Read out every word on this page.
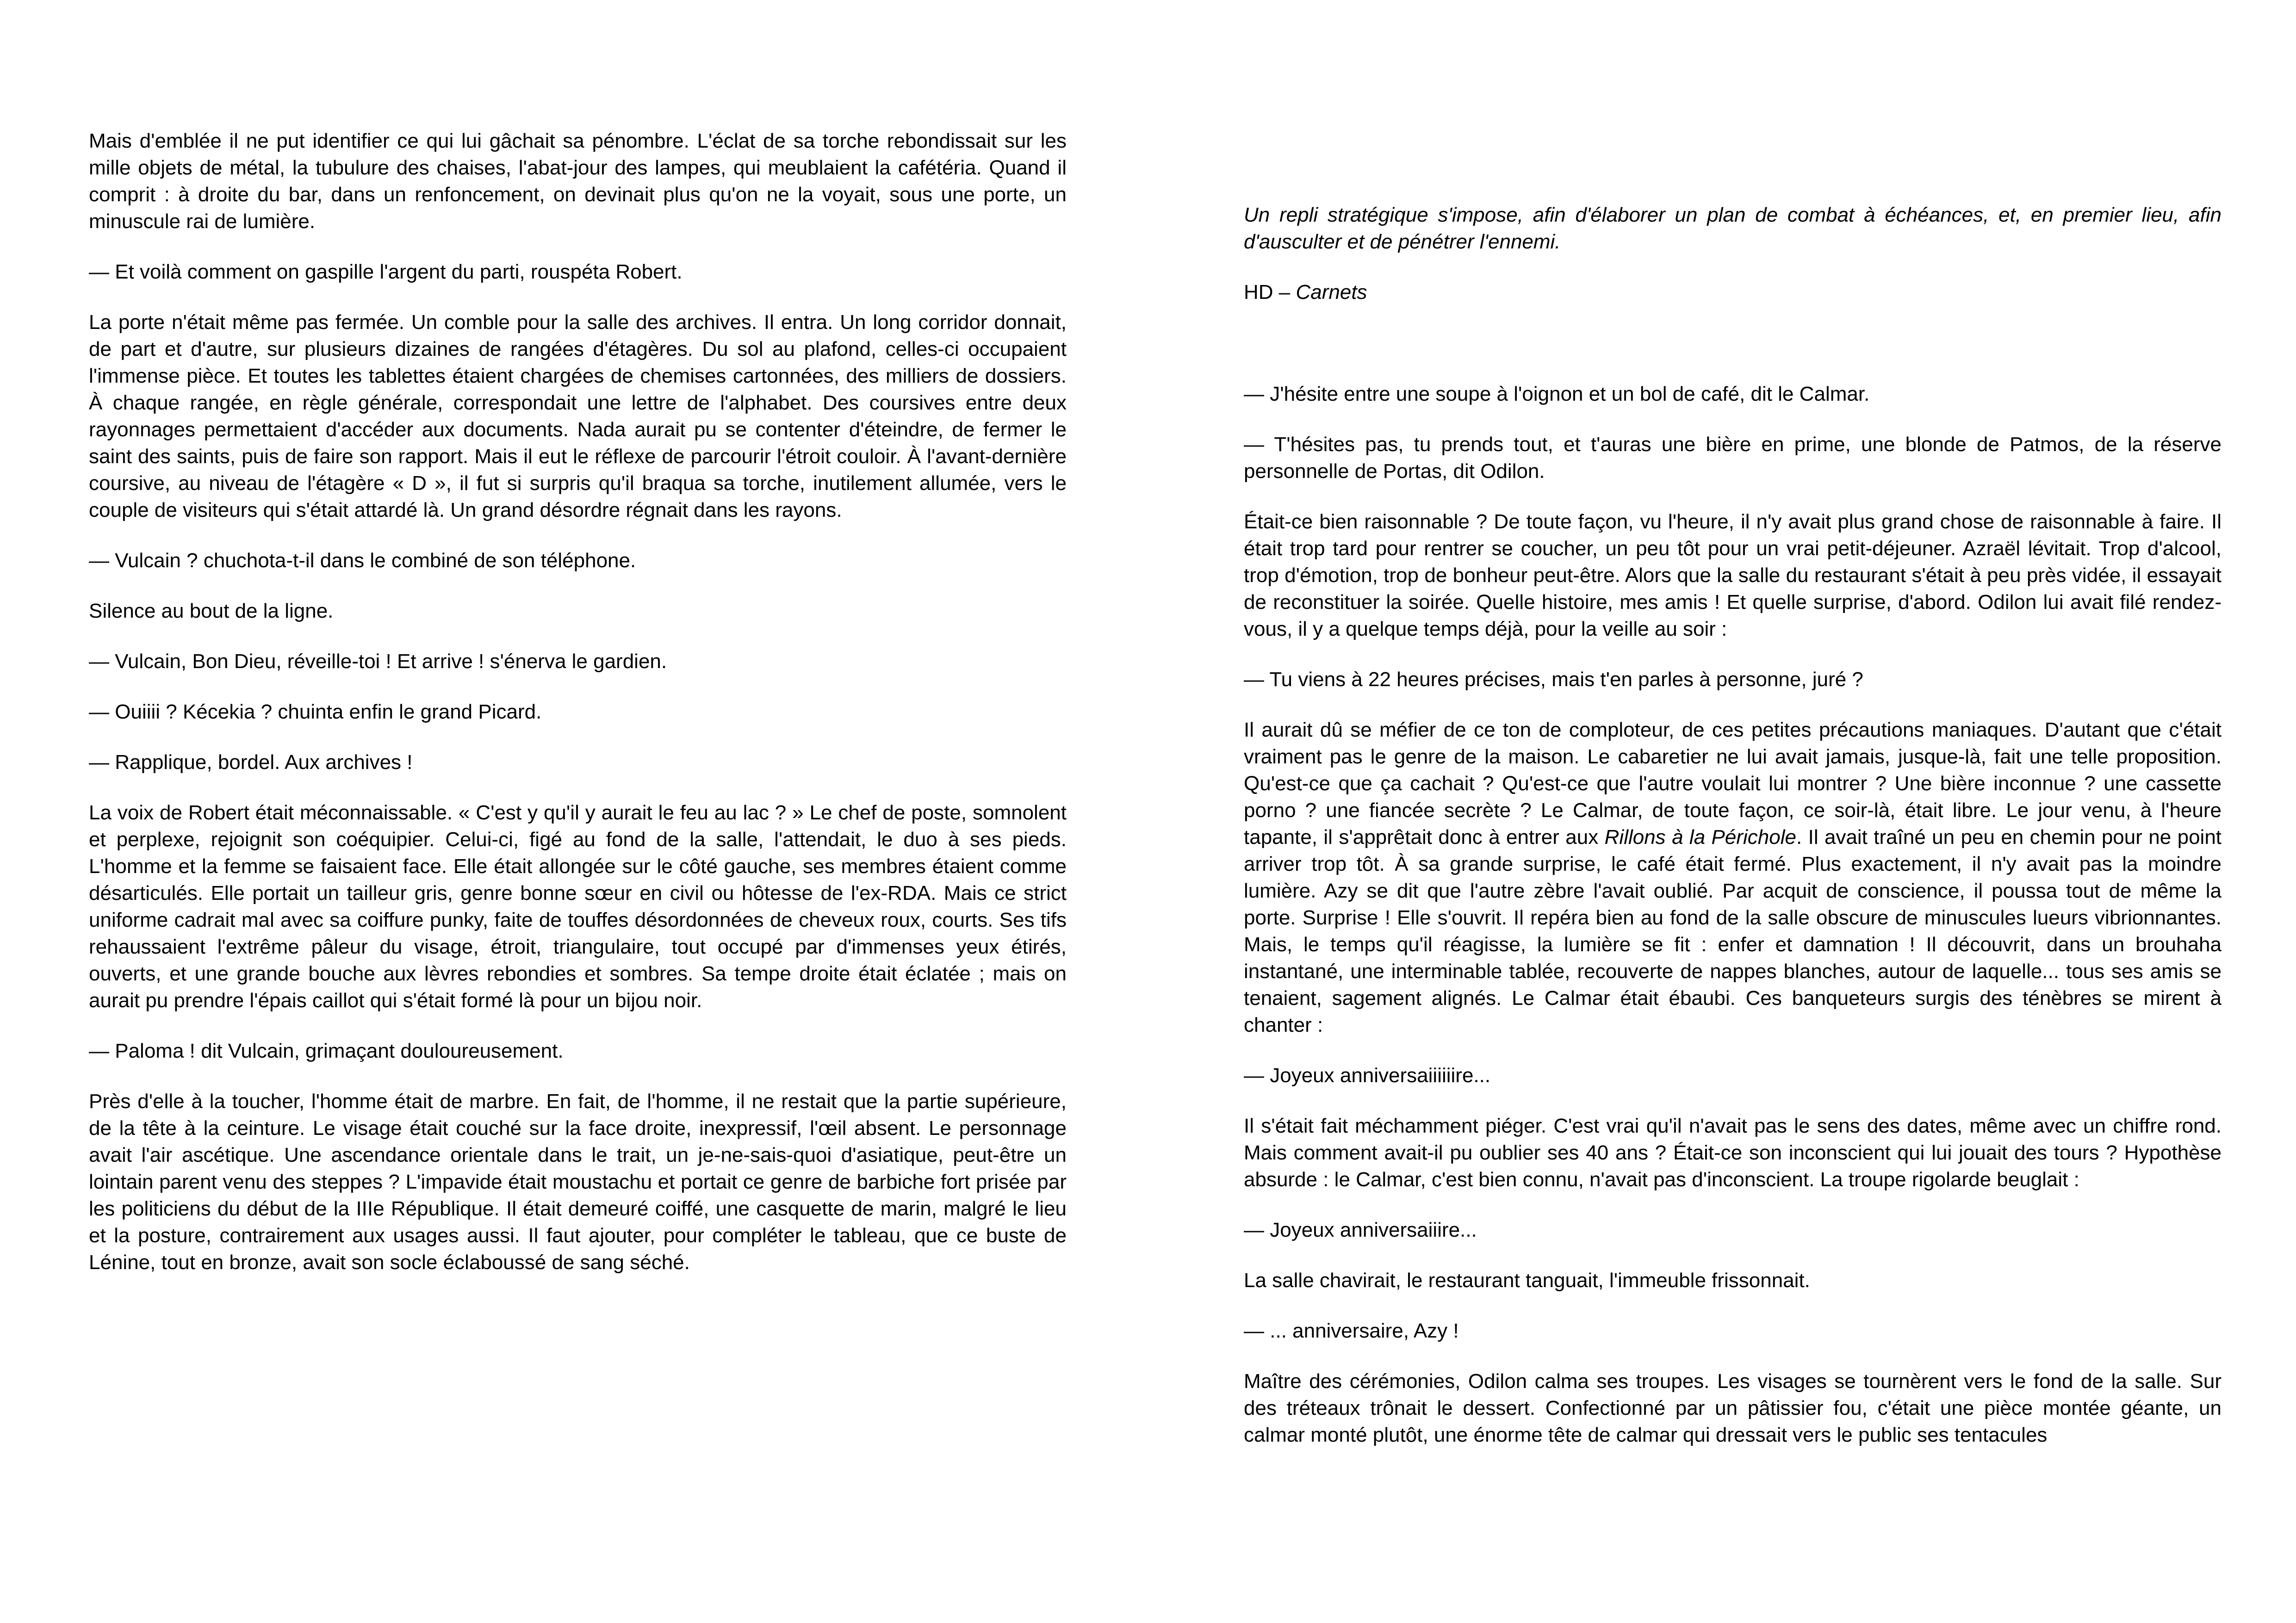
Mais d'emblée il ne put identifier ce qui lui gâchait sa pénombre. L'éclat de sa torche rebondissait sur les mille objets de métal, la tubulure des chaises, l'abat-jour des lampes, qui meublaient la cafétéria. Quand il comprit : à droite du bar, dans un renfoncement, on devinait plus qu'on ne la voyait, sous une porte, un minuscule rai de lumière.

— Et voilà comment on gaspille l'argent du parti, rouspéta Robert.

La porte n'était même pas fermée. Un comble pour la salle des archives. Il entra. Un long corridor donnait, de part et d'autre, sur plusieurs dizaines de rangées d'étagères. Du sol au plafond, celles-ci occupaient l'immense pièce. Et toutes les tablettes étaient chargées de chemises cartonnées, des milliers de dossiers. À chaque rangée, en règle générale, correspondait une lettre de l'alphabet. Des coursives entre deux rayonnages permettaient d'accéder aux documents. Nada aurait pu se contenter d'éteindre, de fermer le saint des saints, puis de faire son rapport. Mais il eut le réflexe de parcourir l'étroit couloir. À l'avant-dernière coursive, au niveau de l'étagère « D », il fut si surpris qu'il braqua sa torche, inutilement allumée, vers le couple de visiteurs qui s'était attardé là. Un grand désordre régnait dans les rayons.

— Vulcain ? chuchota-t-il dans le combiné de son téléphone.

Silence au bout de la ligne.

— Vulcain, Bon Dieu, réveille-toi ! Et arrive ! s'énerva le gardien.

— Ouiiii ? Kécekia ? chuinta enfin le grand Picard.

— Rapplique, bordel. Aux archives !

La voix de Robert était méconnaissable. « C'est y qu'il y aurait le feu au lac ? » Le chef de poste, somnolent et perplexe, rejoignit son coéquipier. Celui-ci, figé au fond de la salle, l'attendait, le duo à ses pieds. L'homme et la femme se faisaient face. Elle était allongée sur le côté gauche, ses membres étaient comme désarticulés. Elle portait un tailleur gris, genre bonne sœur en civil ou hôtesse de l'ex-RDA. Mais ce strict uniforme cadrait mal avec sa coiffure punky, faite de touffes désordonnées de cheveux roux, courts. Ses tifs rehaussaient l'extrême pâleur du visage, étroit, triangulaire, tout occupé par d'immenses yeux étirés, ouverts, et une grande bouche aux lèvres rebondies et sombres. Sa tempe droite était éclatée ; mais on aurait pu prendre l'épais caillot qui s'était formé là pour un bijou noir.

— Paloma ! dit Vulcain, grimaçant douloureusement.

Près d'elle à la toucher, l'homme était de marbre. En fait, de l'homme, il ne restait que la partie supérieure, de la tête à la ceinture. Le visage était couché sur la face droite, inexpressif, l'œil absent. Le personnage avait l'air ascétique. Une ascendance orientale dans le trait, un je-ne-sais-quoi d'asiatique, peut-être un lointain parent venu des steppes ? L'impavide était moustachu et portait ce genre de barbiche fort prisée par les politiciens du début de la IIIe République. Il était demeuré coiffé, une casquette de marin, malgré le lieu et la posture, contrairement aux usages aussi. Il faut ajouter, pour compléter le tableau, que ce buste de Lénine, tout en bronze, avait son socle éclaboussé de sang séché.

Un repli stratégique s'impose, afin d'élaborer un plan de combat à échéances, et, en premier lieu, afin d'ausculter et de pénétrer l'ennemi.

HD – Carnets

— J'hésite entre une soupe à l'oignon et un bol de café, dit le Calmar.

— T'hésites pas, tu prends tout, et t'auras une bière en prime, une blonde de Patmos, de la réserve personnelle de Portas, dit Odilon.

Était-ce bien raisonnable ? De toute façon, vu l'heure, il n'y avait plus grand chose de raisonnable à faire. Il était trop tard pour rentrer se coucher, un peu tôt pour un vrai petit-déjeuner. Azraël lévitait. Trop d'alcool, trop d'émotion, trop de bonheur peut-être. Alors que la salle du restaurant s'était à peu près vidée, il essayait de reconstituer la soirée. Quelle histoire, mes amis ! Et quelle surprise, d'abord. Odilon lui avait filé rendez-vous, il y a quelque temps déjà, pour la veille au soir :

— Tu viens à 22 heures précises, mais t'en parles à personne, juré ?

Il aurait dû se méfier de ce ton de comploteur, de ces petites précautions maniaques. D'autant que c'était vraiment pas le genre de la maison. Le cabaretier ne lui avait jamais, jusque-là, fait une telle proposition. Qu'est-ce que ça cachait ? Qu'est-ce que l'autre voulait lui montrer ? Une bière inconnue ? une cassette porno ? une fiancée secrète ? Le Calmar, de toute façon, ce soir-là, était libre. Le jour venu, à l'heure tapante, il s'apprêtait donc à entrer aux Rillons à la Périchole. Il avait traîné un peu en chemin pour ne point arriver trop tôt. À sa grande surprise, le café était fermé. Plus exactement, il n'y avait pas la moindre lumière. Azy se dit que l'autre zèbre l'avait oublié. Par acquit de conscience, il poussa tout de même la porte. Surprise ! Elle s'ouvrit. Il repéra bien au fond de la salle obscure de minuscules lueurs vibrionnantes. Mais, le temps qu'il réagisse, la lumière se fit : enfer et damnation ! Il découvrit, dans un brouhaha instantané, une interminable tablée, recouverte de nappes blanches, autour de laquelle... tous ses amis se tenaient, sagement alignés. Le Calmar était ébaubi. Ces banqueteurs surgis des ténèbres se mirent à chanter :

— Joyeux anniversaiiiiiire...

Il s'était fait méchamment piéger. C'est vrai qu'il n'avait pas le sens des dates, même avec un chiffre rond. Mais comment avait-il pu oublier ses 40 ans ? Était-ce son inconscient qui lui jouait des tours ? Hypothèse absurde : le Calmar, c'est bien connu, n'avait pas d'inconscient. La troupe rigolarde beuglait :

— Joyeux anniversaiiire...

La salle chavirait, le restaurant tanguait, l'immeuble frissonnait.

— ... anniversaire, Azy !

Maître des cérémonies, Odilon calma ses troupes. Les visages se tournèrent vers le fond de la salle. Sur des tréteaux trônait le dessert. Confectionné par un pâtissier fou, c'était une pièce montée géante, un calmar monté plutôt, une énorme tête de calmar qui dressait vers le public ses tentacules
